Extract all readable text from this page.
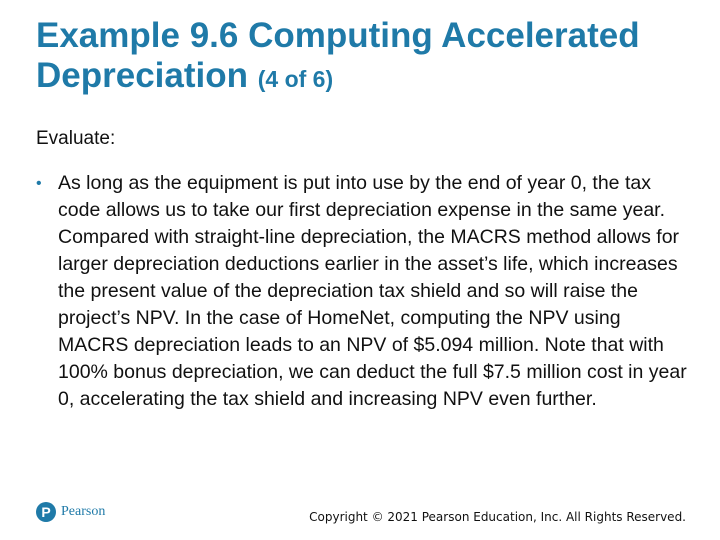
Example 9.6 Computing Accelerated Depreciation (4 of 6)
Evaluate:
• As long as the equipment is put into use by the end of year 0, the tax code allows us to take our first depreciation expense in the same year. Compared with straight-line depreciation, the MACRS method allows for larger depreciation deductions earlier in the asset’s life, which increases the present value of the depreciation tax shield and so will raise the project’s NPV. In the case of HomeNet, computing the NPV using MACRS depreciation leads to an NPV of $5.094 million. Note that with 100% bonus depreciation, we can deduct the full $7.5 million cost in year 0, accelerating the tax shield and increasing NPV even further.
P Pearson	Copyright © 2021 Pearson Education, Inc. All Rights Reserved.
